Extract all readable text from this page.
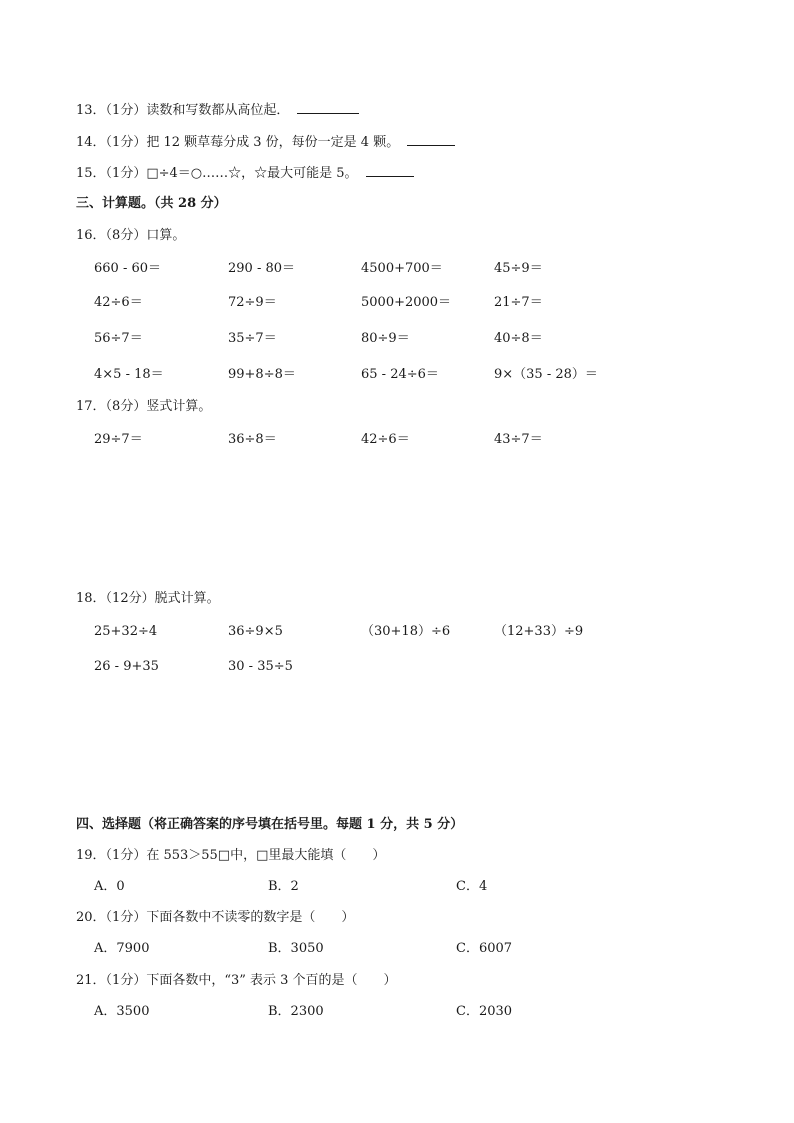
13．（1分）读数和写数都从高位起．
14．（1分）把 12 颗草莓分成 3 份，每份一定是 4 颗。
15．（1分）□÷4＝○……☆，☆最大可能是 5。
三、计算题。（共 28 分）
16．（8分）口算。
660 - 60＝	290 - 80＝	4500+700＝	45÷9＝
42÷6＝	72÷9＝	5000+2000＝	21÷7＝
56÷7＝	35÷7＝	80÷9＝	40÷8＝
4×5 - 18＝	99+8÷8＝	65 - 24÷6＝	9×（35 - 28）＝
17．（8分）竖式计算。
29÷7＝	36÷8＝	42÷6＝	43÷7＝
18．（12分）脱式计算。
25+32÷4	36÷9×5	（30+18）÷6	（12+33）÷9
26 - 9+35	30 - 35÷5
四、选择题（将正确答案的序号填在括号里。每题 1 分，共 5 分）
19．（1分）在 553＞55□中，□里最大能填（　　）
A．0	B．2	C．4
20．（1分）下面各数中不读零的数字是（　　）
A．7900	B．3050	C．6007
21．（1分）下面各数中，“3” 表示 3 个百的是（　　）
A．3500	B．2300	C．2030
